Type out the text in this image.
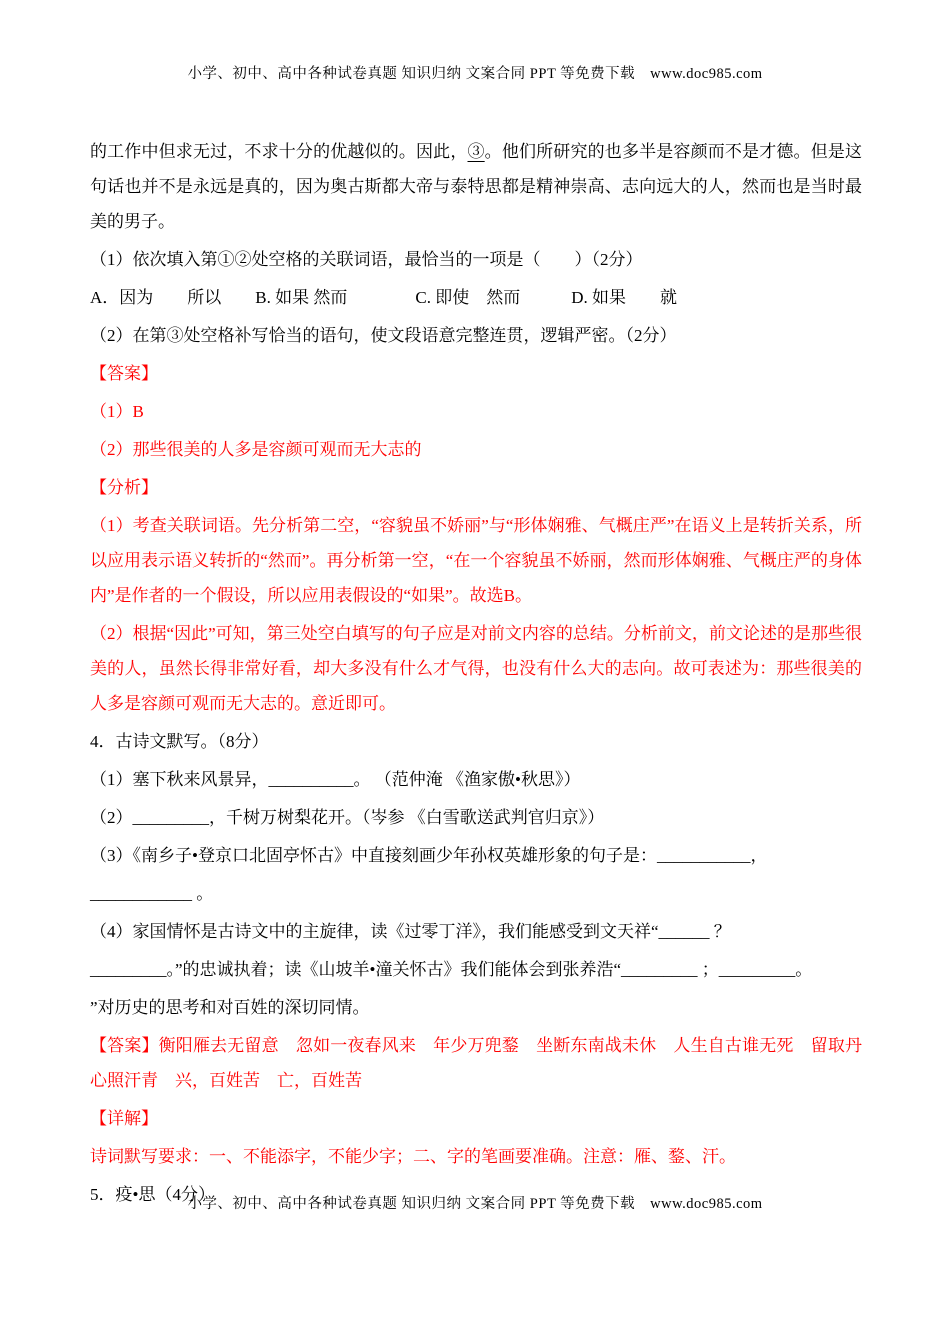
小学、初中、高中各种试卷真题 知识归纳 文案合同 PPT 等免费下载　www.doc985.com

的工作中但求无过，不求十分的优越似的。因此，③。他们所研究的也多半是容颜而不是才德。但是这句话也并不是永远是真的，因为奥古斯都大帝与泰特思都是精神崇高、志向远大的人，然而也是当时最美的男子。

（1）依次填入第①②处空格的关联词语，最恰当的一项是（　　）（2分）

A．因为　　所以　　B. 如果 然而　　　　C. 即使　然而　　　D. 如果　　就

（2）在第③处空格补写恰当的语句，使文段语意完整连贯，逻辑严密。（2分）

【答案】

（1）B

（2）那些很美的人多是容颜可观而无大志的

【分析】

（1）考查关联词语。先分析第二空，“容貌虽不娇丽”与“形体娴雅、气概庄严”在语义上是转折关系，所以应用表示语义转折的“然而”。再分析第一空，“在一个容貌虽不娇丽，然而形体娴雅、气概庄严的身体内”是作者的一个假设，所以应用表假设的“如果”。故选B。

（2）根据“因此”可知，第三处空白填写的句子应是对前文内容的总结。分析前文，前文论述的是那些很美的人，虽然长得非常好看，却大多没有什么才气得，也没有什么大的志向。故可表述为：那些很美的人多是容颜可观而无大志的。意近即可。

4．古诗文默写。（8分）

（1）塞下秋来风景异，__________。 （范仲淹 《渔家傲•秋思》）

（2）_________，千树万树梨花开。（岑参 《白雪歌送武判官归京》）

（3）《南乡子•登京口北固亭怀古》中直接刻画少年孙权英雄形象的句子是：___________，

____________ 。

（4）家国情怀是古诗文中的主旋律，读《过零丁洋》，我们能感受到文天祥“______ ？

_________。”的忠诚执着；读《山坡羊•潼关怀古》我们能体会到张养浩“_________ ；_________。

”对历史的思考和对百姓的深切同情。

【答案】衡阳雁去无留意　忽如一夜春风来　年少万兜鍪　坐断东南战未休　人生自古谁无死　留取丹心照汗青　兴，百姓苦　亡，百姓苦

【详解】

诗词默写要求：一、不能添字，不能少字；二、字的笔画要准确。注意：雁、鍪、汗。

5．疫•思（4分）

小学、初中、高中各种试卷真题 知识归纳 文案合同 PPT 等免费下载　www.doc985.com
